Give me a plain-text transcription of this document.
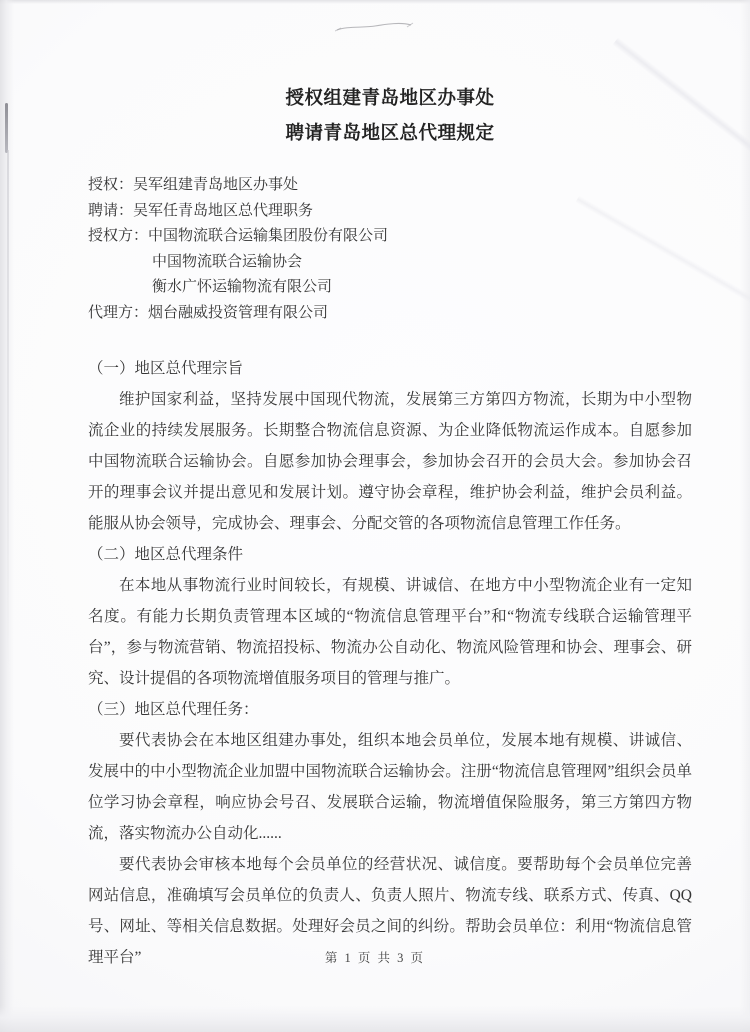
授权组建青岛地区办事处
聘请青岛地区总代理规定
授权：吴军组建青岛地区办事处
聘请：吴军任青岛地区总代理职务
授权方：中国物流联合运输集团股份有限公司
中国物流联合运输协会
衡水广怀运输物流有限公司
代理方：烟台融威投资管理有限公司
（一）地区总代理宗旨

维护国家利益，坚持发展中国现代物流，发展第三方第四方物流，长期为中小型物流企业的持续发展服务。长期整合物流信息资源、为企业降低物流运作成本。自愿参加中国物流联合运输协会。自愿参加协会理事会，参加协会召开的会员大会。参加协会召开的理事会议并提出意见和发展计划。遵守协会章程，维护协会利益，维护会员利益。能服从协会领导，完成协会、理事会、分配交管的各项物流信息管理工作任务。

（二）地区总代理条件

在本地从事物流行业时间较长，有规模、讲诚信、在地方中小型物流企业有一定知名度。有能力长期负责管理本区域的“物流信息管理平台”和“物流专线联合运输管理平台”，参与物流营销、物流招投标、物流办公自动化、物流风险管理和协会、理事会、研究、设计提倡的各项物流增值服务项目的管理与推广。

（三）地区总代理任务：

要代表协会在本地区组建办事处，组织本地会员单位，发展本地有规模、讲诚信、发展中的中小型物流企业加盟中国物流联合运输协会。注册“物流信息管理网”组织会员单位学习协会章程，响应协会号召、发展联合运输，物流增值保险服务，第三方第四方物流，落实物流办公自动化......

要代表协会审核本地每个会员单位的经营状况、诚信度。要帮助每个会员单位完善网站信息，准确填写会员单位的负责人、负责人照片、物流专线、联系方式、传真、QQ 号、网址、等相关信息数据。处理好会员之间的纠纷。帮助会员单位：利用“物流信息管理平台”	第 1 页 共 3 页
